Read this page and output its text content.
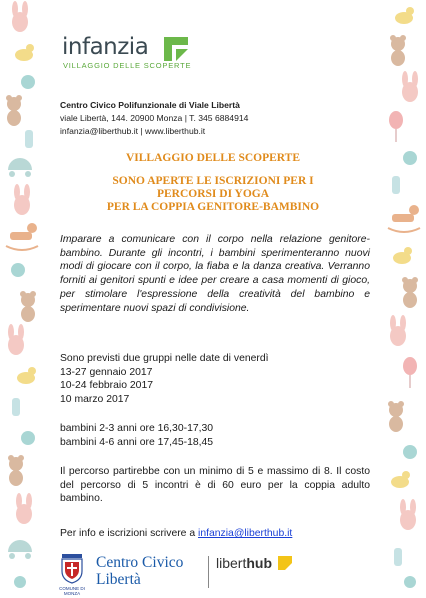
infanzia
VILLAGGIO DELLE SCOPERTE
Centro Civico Polifunzionale di Viale Libertà
viale Libertà, 144. 20900 Monza | T. 345 6884914
infanzia@liberthub.it | www.liberthub.it
VILLAGGIO DELLE SCOPERTE
SONO APERTE LE ISCRIZIONI PER I
PERCORSI DI YOGA
PER LA COPPIA GENITORE-BAMBINO

Imparare a comunicare con il corpo nella relazione genitore-bambino. Durante gli incontri, i bambini sperimenteranno nuovi modi di giocare con il corpo, la fiaba e la danza creativa. Verranno forniti ai genitori spunti e idee per creare a casa momenti di gioco, per stimolare l'espressione della creatività del bambino e sperimentare nuovi spazi di condivisione.

Sono previsti due gruppi nelle date di venerdì
13-27 gennaio 2017
10-24 febbraio 2017
10 marzo 2017
bambini 2-3 anni ore 16,30-17,30
bambini 4-6 anni ore 17,45-18,45

Il percorso partirebbe con un minimo di 5 e massimo di 8. Il costo del percorso di 5 incontri è di 60 euro per la coppia adulto bambino.

Per info e iscrizioni scrivere a infanzia@liberthub.it
COMUNE DI
MONZA
Centro Civico
Libertà
liberthub
